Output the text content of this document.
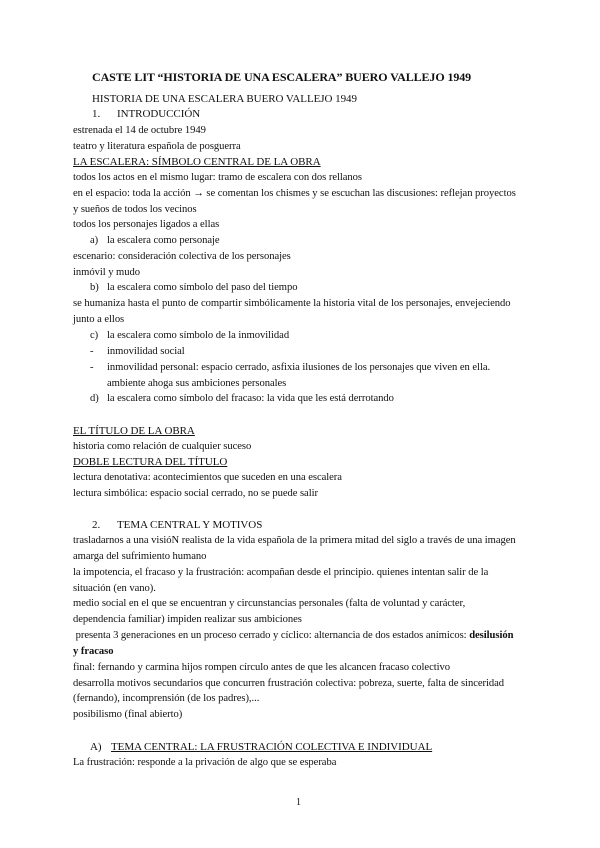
CASTE LIT “HISTORIA DE UNA ESCALERA” BUERO VALLEJO 1949
HISTORIA DE UNA ESCALERA BUERO VALLEJO 1949
1. INTRODUCCIÓN
estrenada el 14 de octubre 1949
teatro y literatura española de posguerra
LA ESCALERA: SÍMBOLO CENTRAL DE LA OBRA
todos los actos en el mismo lugar: tramo de escalera con dos rellanos
en el espacio: toda la acción → se comentan los chismes y se escuchan las discusiones: reflejan proyectos
y sueños de todos los vecinos
todos los personajes ligados a ellas
a) la escalera como personaje
escenario: consideración colectiva de los personajes
inmóvil y mudo
b) la escalera como símbolo del paso del tiempo
se humaniza hasta el punto de compartir simbólicamente la historia vital de los personajes, envejeciendo
junto a ellos
c) la escalera como símbolo de la inmovilidad
- inmovilidad social
- inmovilidad personal: espacio cerrado, asfixia ilusiones de los personajes que viven en ella.
ambiente ahoga sus ambiciones personales
d) la escalera como símbolo del fracaso: la vida que les está derrotando
EL TÍTULO DE LA OBRA
historia como relación de cualquier suceso
DOBLE LECTURA DEL TÍTULO
lectura denotativa: acontecimientos que suceden en una escalera
lectura simbólica: espacio social cerrado, no se puede salir
2. TEMA CENTRAL Y MOTIVOS
trasladarnos a una visióN realista de la vida española de la primera mitad del siglo a través de una imagen
amarga del sufrimiento humano
la impotencia, el fracaso y la frustración: acompañan desde el principio. quienes intentan salir de la
situación (en vano).
medio social en el que se encuentran y circunstancias personales (falta de voluntad y carácter,
dependencia familiar) impiden realizar sus ambiciones
presenta 3 generaciones en un proceso cerrado y cíclico: alternancia de dos estados anímicos: desilusión
y fracaso
final: fernando y carmina hijos rompen círculo antes de que les alcancen fracaso colectivo
desarrolla motivos secundarios que concurren frustración colectiva: pobreza, suerte, falta de sinceridad
(fernando), incomprensión (de los padres),...
posibilismo (final abierto)
A) TEMA CENTRAL: LA FRUSTRACIÓN COLECTIVA E INDIVIDUAL
La frustración: responde a la privación de algo que se esperaba
1
